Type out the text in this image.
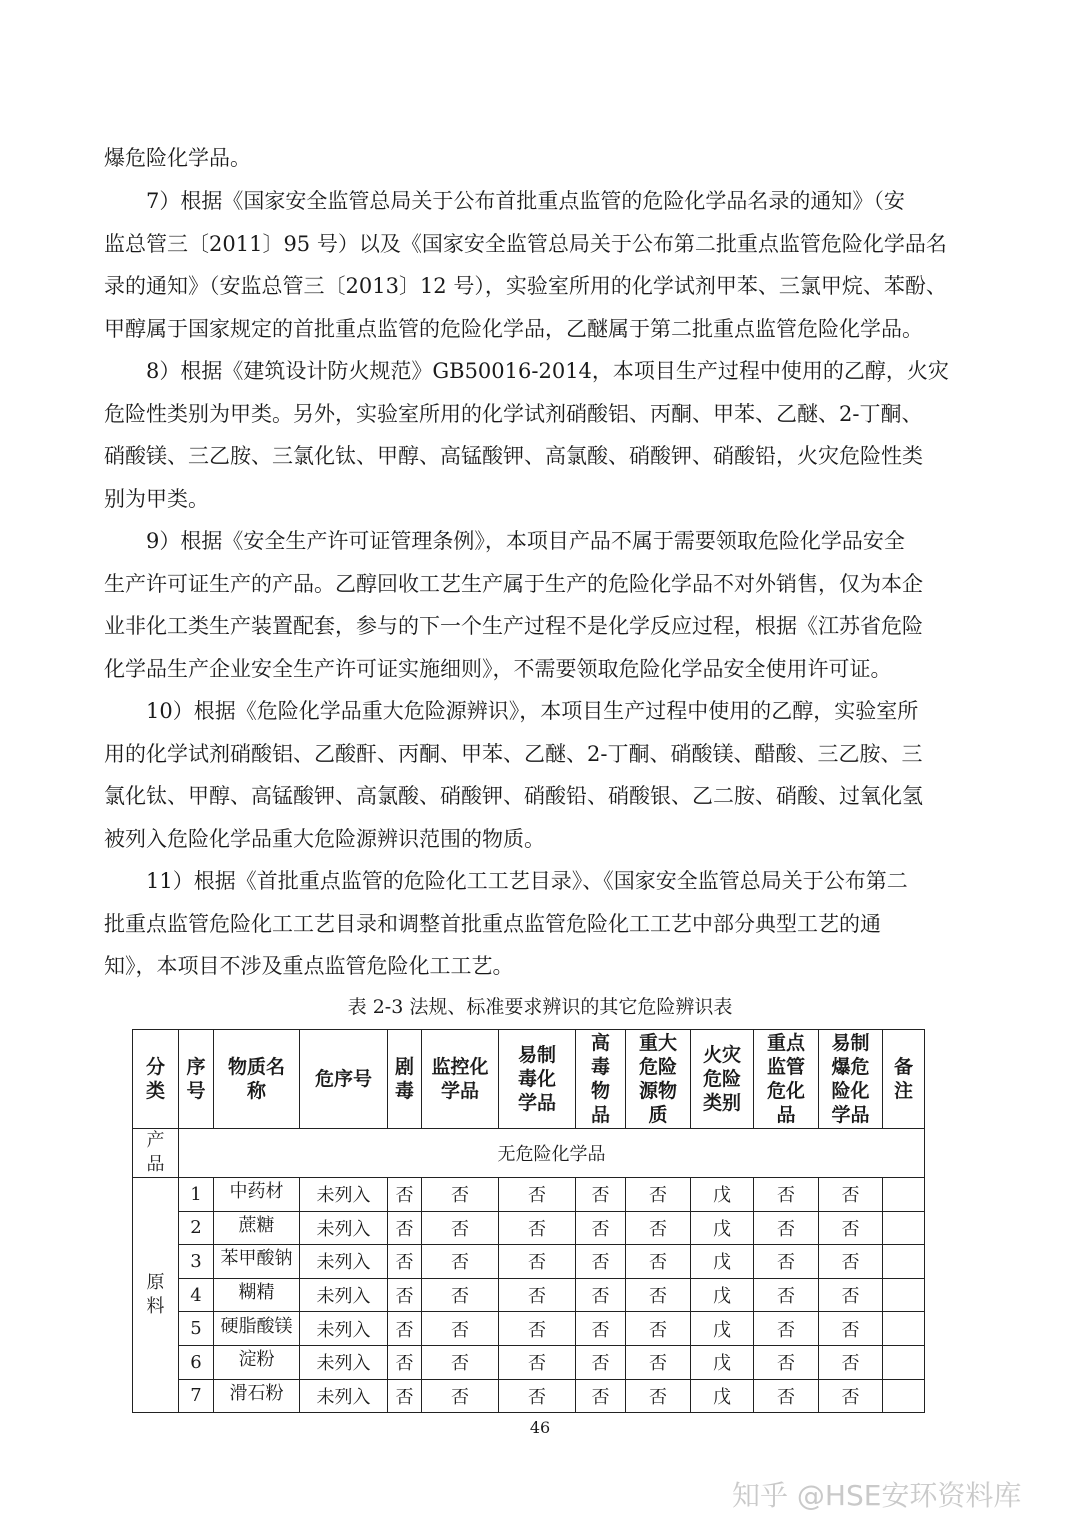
爆危险化学品。
　　7）根据《国家安全监管总局关于公布首批重点监管的危险化学品名录的通知》（安
监总管三〔2011〕95 号）以及《国家安全监管总局关于公布第二批重点监管危险化学品名
录的通知》（安监总管三〔2013〕12 号），实验室所用的化学试剂甲苯、三氯甲烷、苯酚、
甲醇属于国家规定的首批重点监管的危险化学品，乙醚属于第二批重点监管危险化学品。
　　8）根据《建筑设计防火规范》GB50016-2014，本项目生产过程中使用的乙醇，火灾
危险性类别为甲类。另外，实验室所用的化学试剂硝酸铝、丙酮、甲苯、乙醚、2-丁酮、
硝酸镁、三乙胺、三氯化钛、甲醇、高锰酸钾、高氯酸、硝酸钾、硝酸铅，火灾危险性类
别为甲类。
　　9）根据《安全生产许可证管理条例》，本项目产品不属于需要领取危险化学品安全
生产许可证生产的产品。乙醇回收工艺生产属于生产的危险化学品不对外销售，仅为本企
业非化工类生产装置配套，参与的下一个生产过程不是化学反应过程，根据《江苏省危险
化学品生产企业安全生产许可证实施细则》，不需要领取危险化学品安全使用许可证。
　　10）根据《危险化学品重大危险源辨识》，本项目生产过程中使用的乙醇，实验室所
用的化学试剂硝酸铝、乙酸酐、丙酮、甲苯、乙醚、2-丁酮、硝酸镁、醋酸、三乙胺、三
氯化钛、甲醇、高锰酸钾、高氯酸、硝酸钾、硝酸铅、硝酸银、乙二胺、硝酸、过氧化氢
被列入危险化学品重大危险源辨识范围的物质。
　　11）根据《首批重点监管的危险化工工艺目录》、《国家安全监管总局关于公布第二
批重点监管危险化工工艺目录和调整首批重点监管危险化工工艺中部分典型工艺的通
知》，本项目不涉及重点监管危险化工工艺。
表 2-3 法规、标准要求辨识的其它危险辨识表
分类	序号	物质名称	危序号	剧毒	监控化学品	易制毒化学品	高毒物品	重大危险源物质	火灾危险类别	重点监管危化品	易制爆危险化学品	备注
产品	无危险化学品											
原料	1	中药材	未列入	否	否	否	否	否	戊	否	否	
	2	蔗糖	未列入	否	否	否	否	否	戊	否	否	
	3	苯甲酸钠	未列入	否	否	否	否	否	戊	否	否	
	4	糊精	未列入	否	否	否	否	否	戊	否	否	
	5	硬脂酸镁	未列入	否	否	否	否	否	戊	否	否	
	6	淀粉	未列入	否	否	否	否	否	戊	否	否	
	7	滑石粉	未列入	否	否	否	否	否	戊	否	否	
46
知乎 @HSE安环资料库
